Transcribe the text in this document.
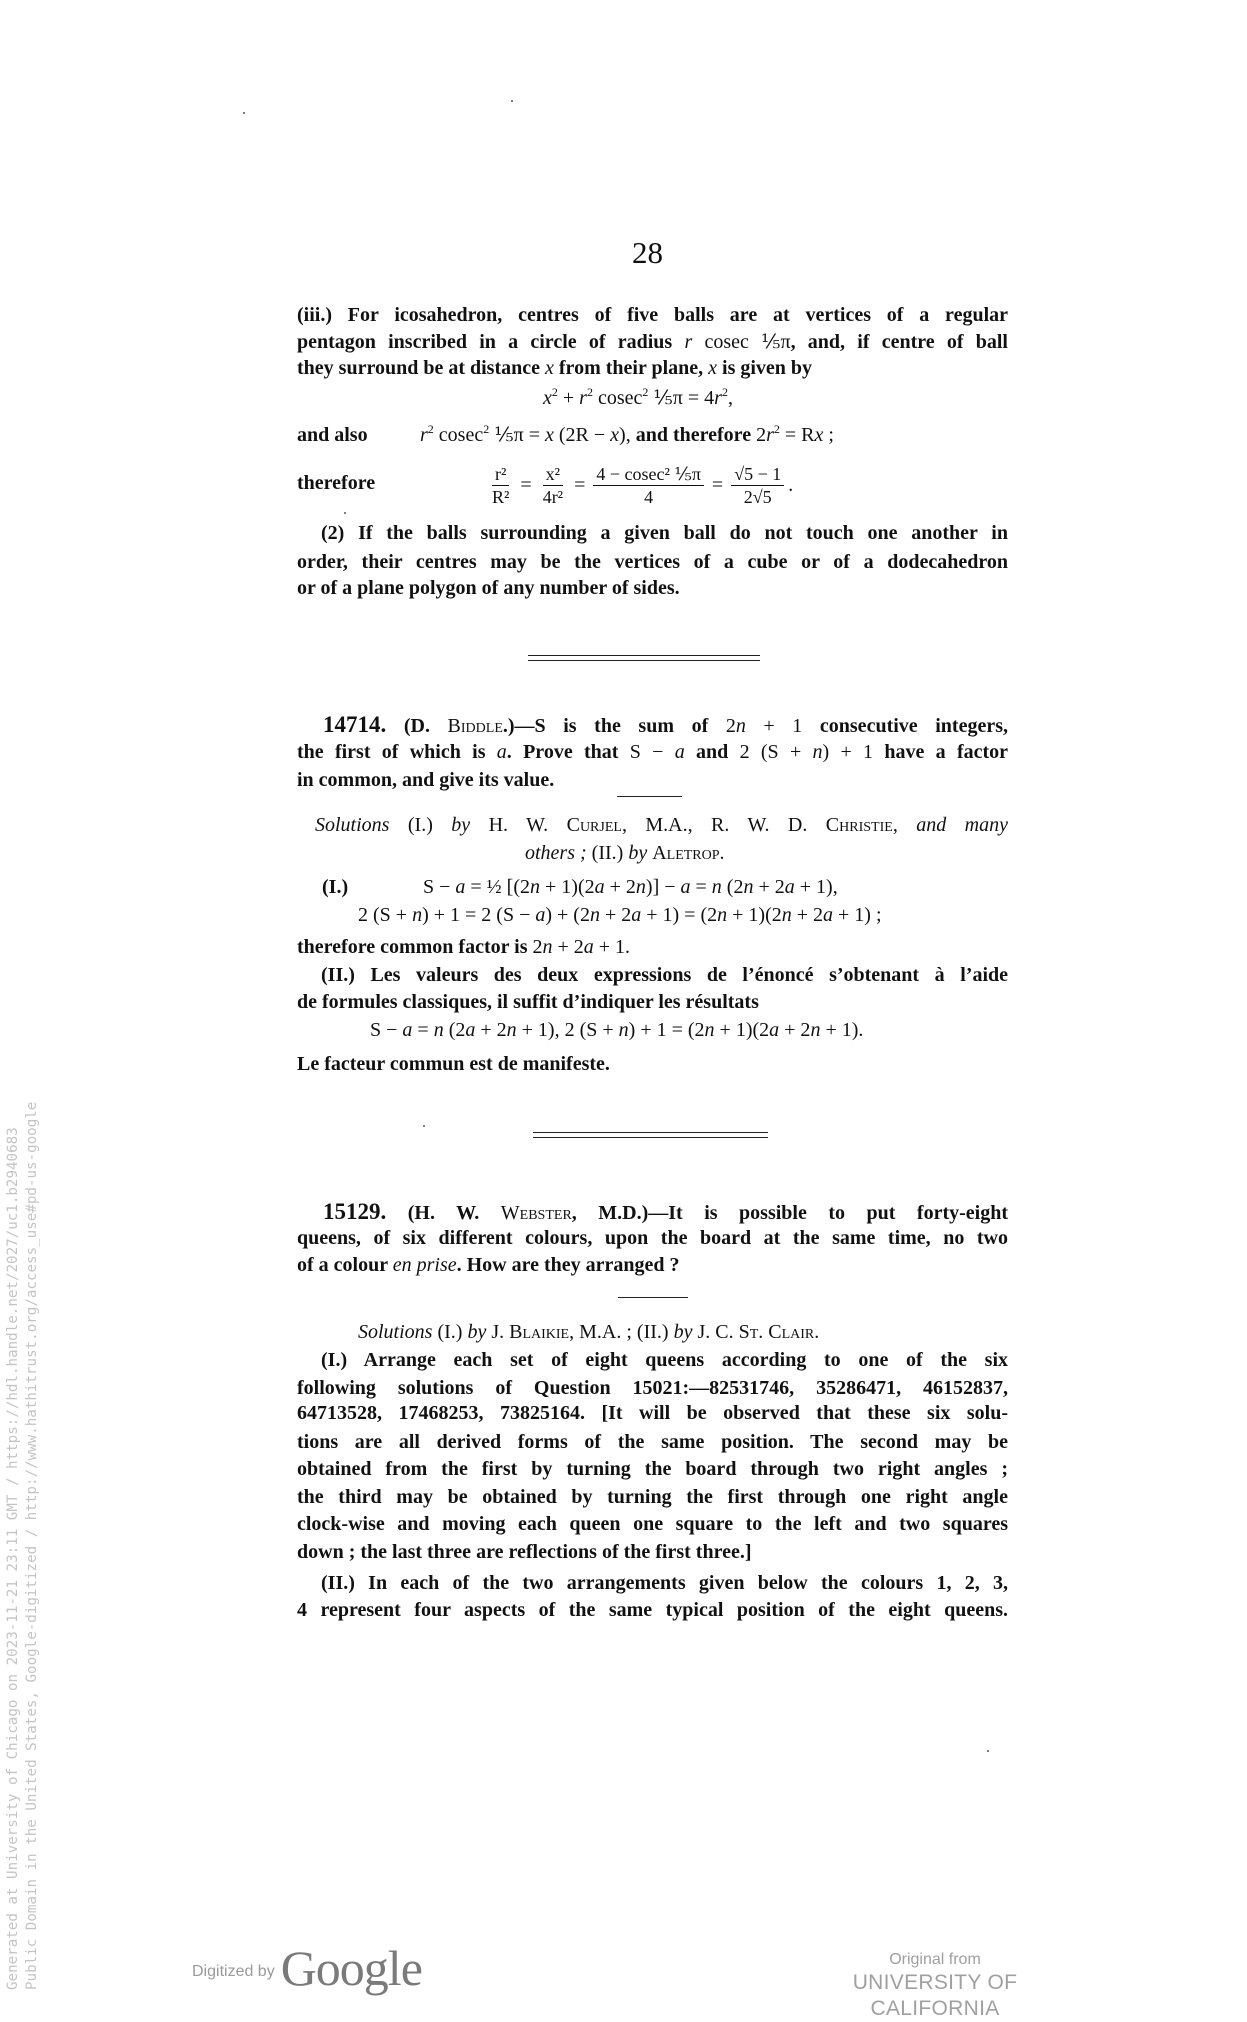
28
(iii.) For icosahedron, centres of five balls are at vertices of a regular
pentagon inscribed in a circle of radius r cosec ⅕π, and, if centre of ball
they surround be at distance x from their plane, x is given by
$x^2 + r^2$ cosec$^2$ ⅕π = $4r^2$,
and also	$r^2$ cosec$^2$ ⅕π = x (2R − x), and therefore $2r^2 = Rx$ ;
therefore
(2) If the balls surrounding a given ball do not touch one another in
order, their centres may be the vertices of a cube or of a dodecahedron
or of a plane polygon of any number of sides.
14714. (D. Biddle.)—S is the sum of 2n + 1 consecutive integers,
the first of which is a. Prove that S − a and 2 (S + n) + 1 have a factor
in common, and give its value.
Solutions (I.) by H. W. Curjel, M.A., R. W. D. Christie, and many
others ; (II.) by Aletrop.
(I.)	S − a = ½ [(2n + 1)(2a + 2n)] − a = n (2n + 2a + 1),
2 (S + n) + 1 = 2 (S − a) + (2n + 2a + 1) = (2n + 1)(2n + 2a + 1) ;
therefore common factor is 2n + 2a + 1.
(II.) Les valeurs des deux expressions de l’énoncé s’obtenant à l’aide
de formules classiques, il suffit d’indiquer les résultats
S − a = n (2a + 2n + 1), 2 (S + n) + 1 = (2n + 1)(2a + 2n + 1).
Le facteur commun est de manifeste.
15129. (H. W. Webster, M.D.)—It is possible to put forty-eight
queens, of six different colours, upon the board at the same time, no two
of a colour en prise. How are they arranged ?
Solutions (I.) by J. Blaikie, M.A. ; (II.) by J. C. St. Clair.
(I.) Arrange each set of eight queens according to one of the six
following solutions of Question 15021:—82531746, 35286471, 46152837,
64713528, 17468253, 73825164. [It will be observed that these six solu-
tions are all derived forms of the same position. The second may be
obtained from the first by turning the board through two right angles ;
the third may be obtained by turning the first through one right angle
clock-wise and moving each queen one square to the left and two squares
down ; the last three are reflections of the first three.]
(II.) In each of the two arrangements given below the colours 1, 2, 3,
4 represent four aspects of the same typical position of the eight queens.
$\frac{\text{r²}}{\text{R²}} = \frac{\text{x²}}{\text{4r²}} = \frac{\text{4 − cosec² ⅕π}}{4} = \frac{√5 - 1}{2√5}$ .
Generated at University of Chicago on 2023-11-21 23:11 GMT / https://hdl.handle.net/2027/uc1.b2940683 Public Domain in the United States, Google-digitized / http://www.hathitrust.org/access_use#pd-us-google	Digitized by Google	Original from
UNIVERSITY OF CALIFORNIA
